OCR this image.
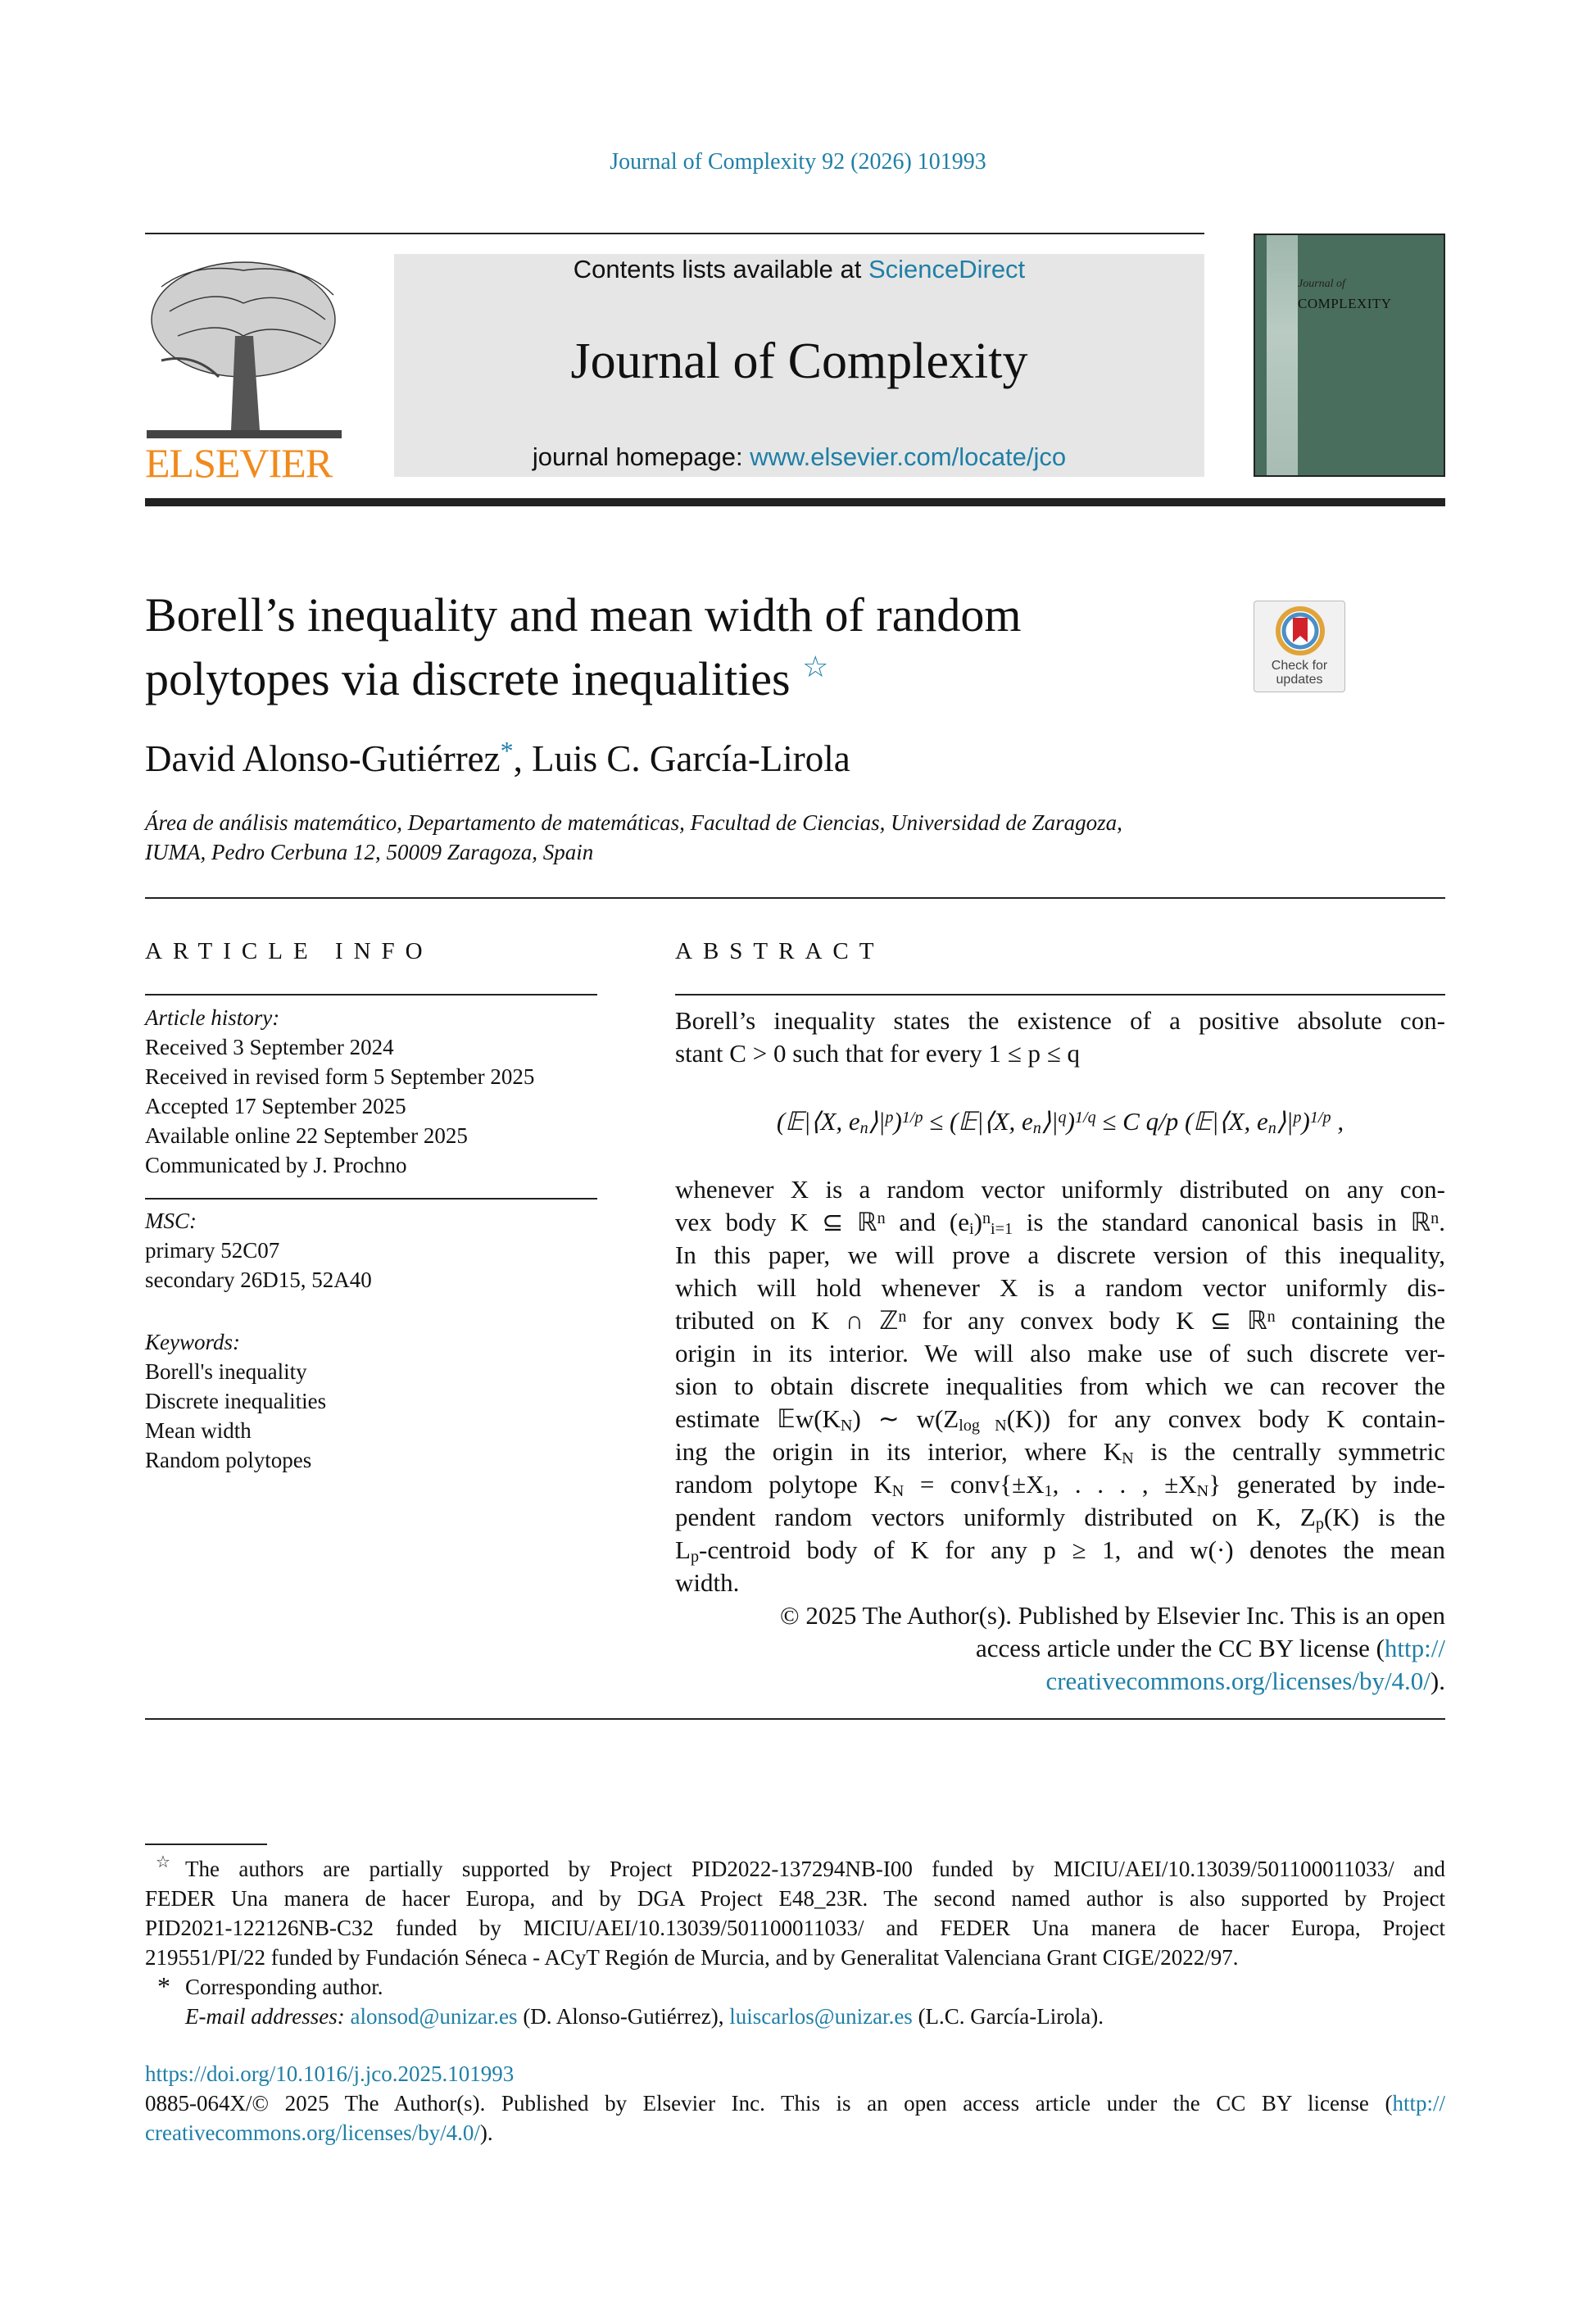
Journal of Complexity 92 (2026) 101993
ELSEVIER
Contents lists available at ScienceDirect
Journal of Complexity
journal homepage: www.elsevier.com/locate/jco
Journal of
COMPLEXITY
Borell’s inequality and mean width of random
polytopes via discrete inequalities ☆	Check for updates
David Alonso-Gutiérrez*, Luis C. García-Lirola
Área de análisis matemático, Departamento de matemáticas, Facultad de Ciencias, Universidad de Zaragoza,
IUMA, Pedro Cerbuna 12, 50009 Zaragoza, Spain
ARTICLE INFO	ABSTRACT
Article history:
Received 3 September 2024
Received in revised form 5 September 2025
Accepted 17 September 2025
Available online 22 September 2025
Communicated by J. Prochno
MSC:
primary 52C07
secondary 26D15, 52A40
Keywords:
Borell's inequality
Discrete inequalities
Mean width
Random polytopes
Borell’s inequality states the existence of a positive absolute con-
stant C > 0 such that for every 1 ≤ p ≤ q
(𝔼|⟨X, $e_n⟩|^p)^{1/p}$ ≤ (𝔼|⟨X, $e_n⟩|^q)^{1/q} \le C$ q/p (𝔼|⟨X, $e_n⟩|^p)^{1/p}$ ,
whenever X is a random vector uniformly distributed on any con-
vex body K ⊆ ℝ$^n$ and $(e_i)^n_{i=1}$ is the standard canonical basis in ℝ$^n$.
In this paper, we will prove a discrete version of this inequality,
which will hold whenever X is a random vector uniformly dis-
tributed on K ∩ ℤ$^n$ for any convex body K ⊆ ℝ$^n$ containing the
origin in its interior. We will also make use of such discrete ver-
sion to obtain discrete inequalities from which we can recover the
estimate $𝔼w(K_N)$ ∼ $w(Z_{log N}(K))$ for any convex body K contain-
ing the origin in its interior, where $K_N$ is the centrally symmetric
random polytope $K_N$ = $conv\{\pm X_1$, . . . , $\pm X_N$} generated by inde-
pendent random vectors uniformly distributed on K, $Z_p(K)$ is the
$L_p$-centroid body of K for any p ≥ 1, and w(·) denotes the mean
width.
© 2025 The Author(s). Published by Elsevier Inc. This is an open
access article under the CC BY license (http://
creativecommons.org/licenses/by/4.0/).
☆ The authors are partially supported by Project PID2022-137294NB-I00 funded by MICIU/AEI/10.13039/501100011033/ and
FEDER Una manera de hacer Europa, and by DGA Project E48_23R. The second named author is also supported by Project
PID2021-122126NB-C32 funded by MICIU/AEI/10.13039/501100011033/ and FEDER Una manera de hacer Europa, Project
219551/PI/22 funded by Fundación Séneca - ACyT Región de Murcia, and by Generalitat Valenciana Grant CIGE/2022/97.
* Corresponding author.
E-mail addresses: alonsod@unizar.es (D. Alonso-Gutiérrez), luiscarlos@unizar.es (L.C. García-Lirola).
https://doi.org/10.1016/j.jco.2025.101993
0885-064X/© 2025 The Author(s). Published by Elsevier Inc. This is an open access article under the CC BY license (http://
creativecommons.org/licenses/by/4.0/).
